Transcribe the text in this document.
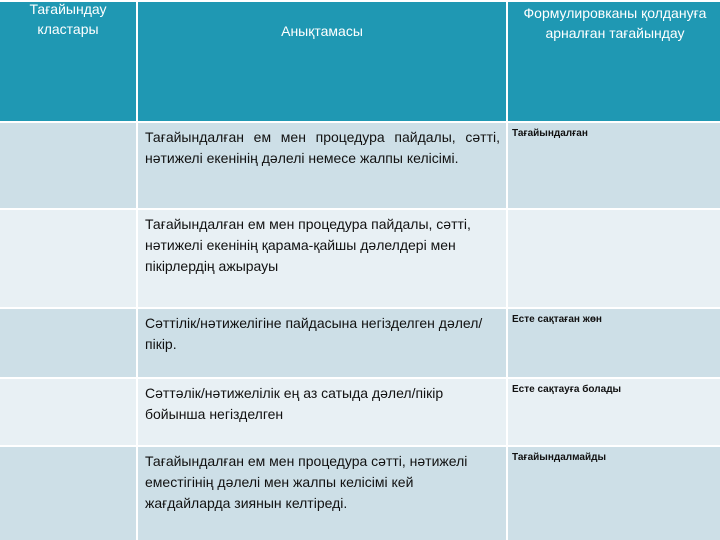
Тағайындау кластары	Анықтамасы	Формулировканы қолдануға арналған тағайындау
	Тағайындалған ем мен процедура пайдалы, сәтті, нәтижелі екенінің дәлелі немесе жалпы келісімі.	Тағайындалған
	Тағайындалған ем мен процедура пайдалы, сәтті, нәтижелі екенінің қарама-қайшы дәлелдері мен пікірлердің ажырауы	
	Сәттілік/нәтижелігіне пайдасына негізделген дәлел/пікір.	Есте сақтаған жөн
	Сәттәлік/нәтижелілік ең аз сатыда дәлел/пікір бойынша негізделген	Есте сақтауға болады
	Тағайындалған ем мен процедура сәтті, нәтижелі еместігінің дәлелі мен жалпы келісімі кей жағдайларда зиянын келтіреді.	Тағайындалмайды
